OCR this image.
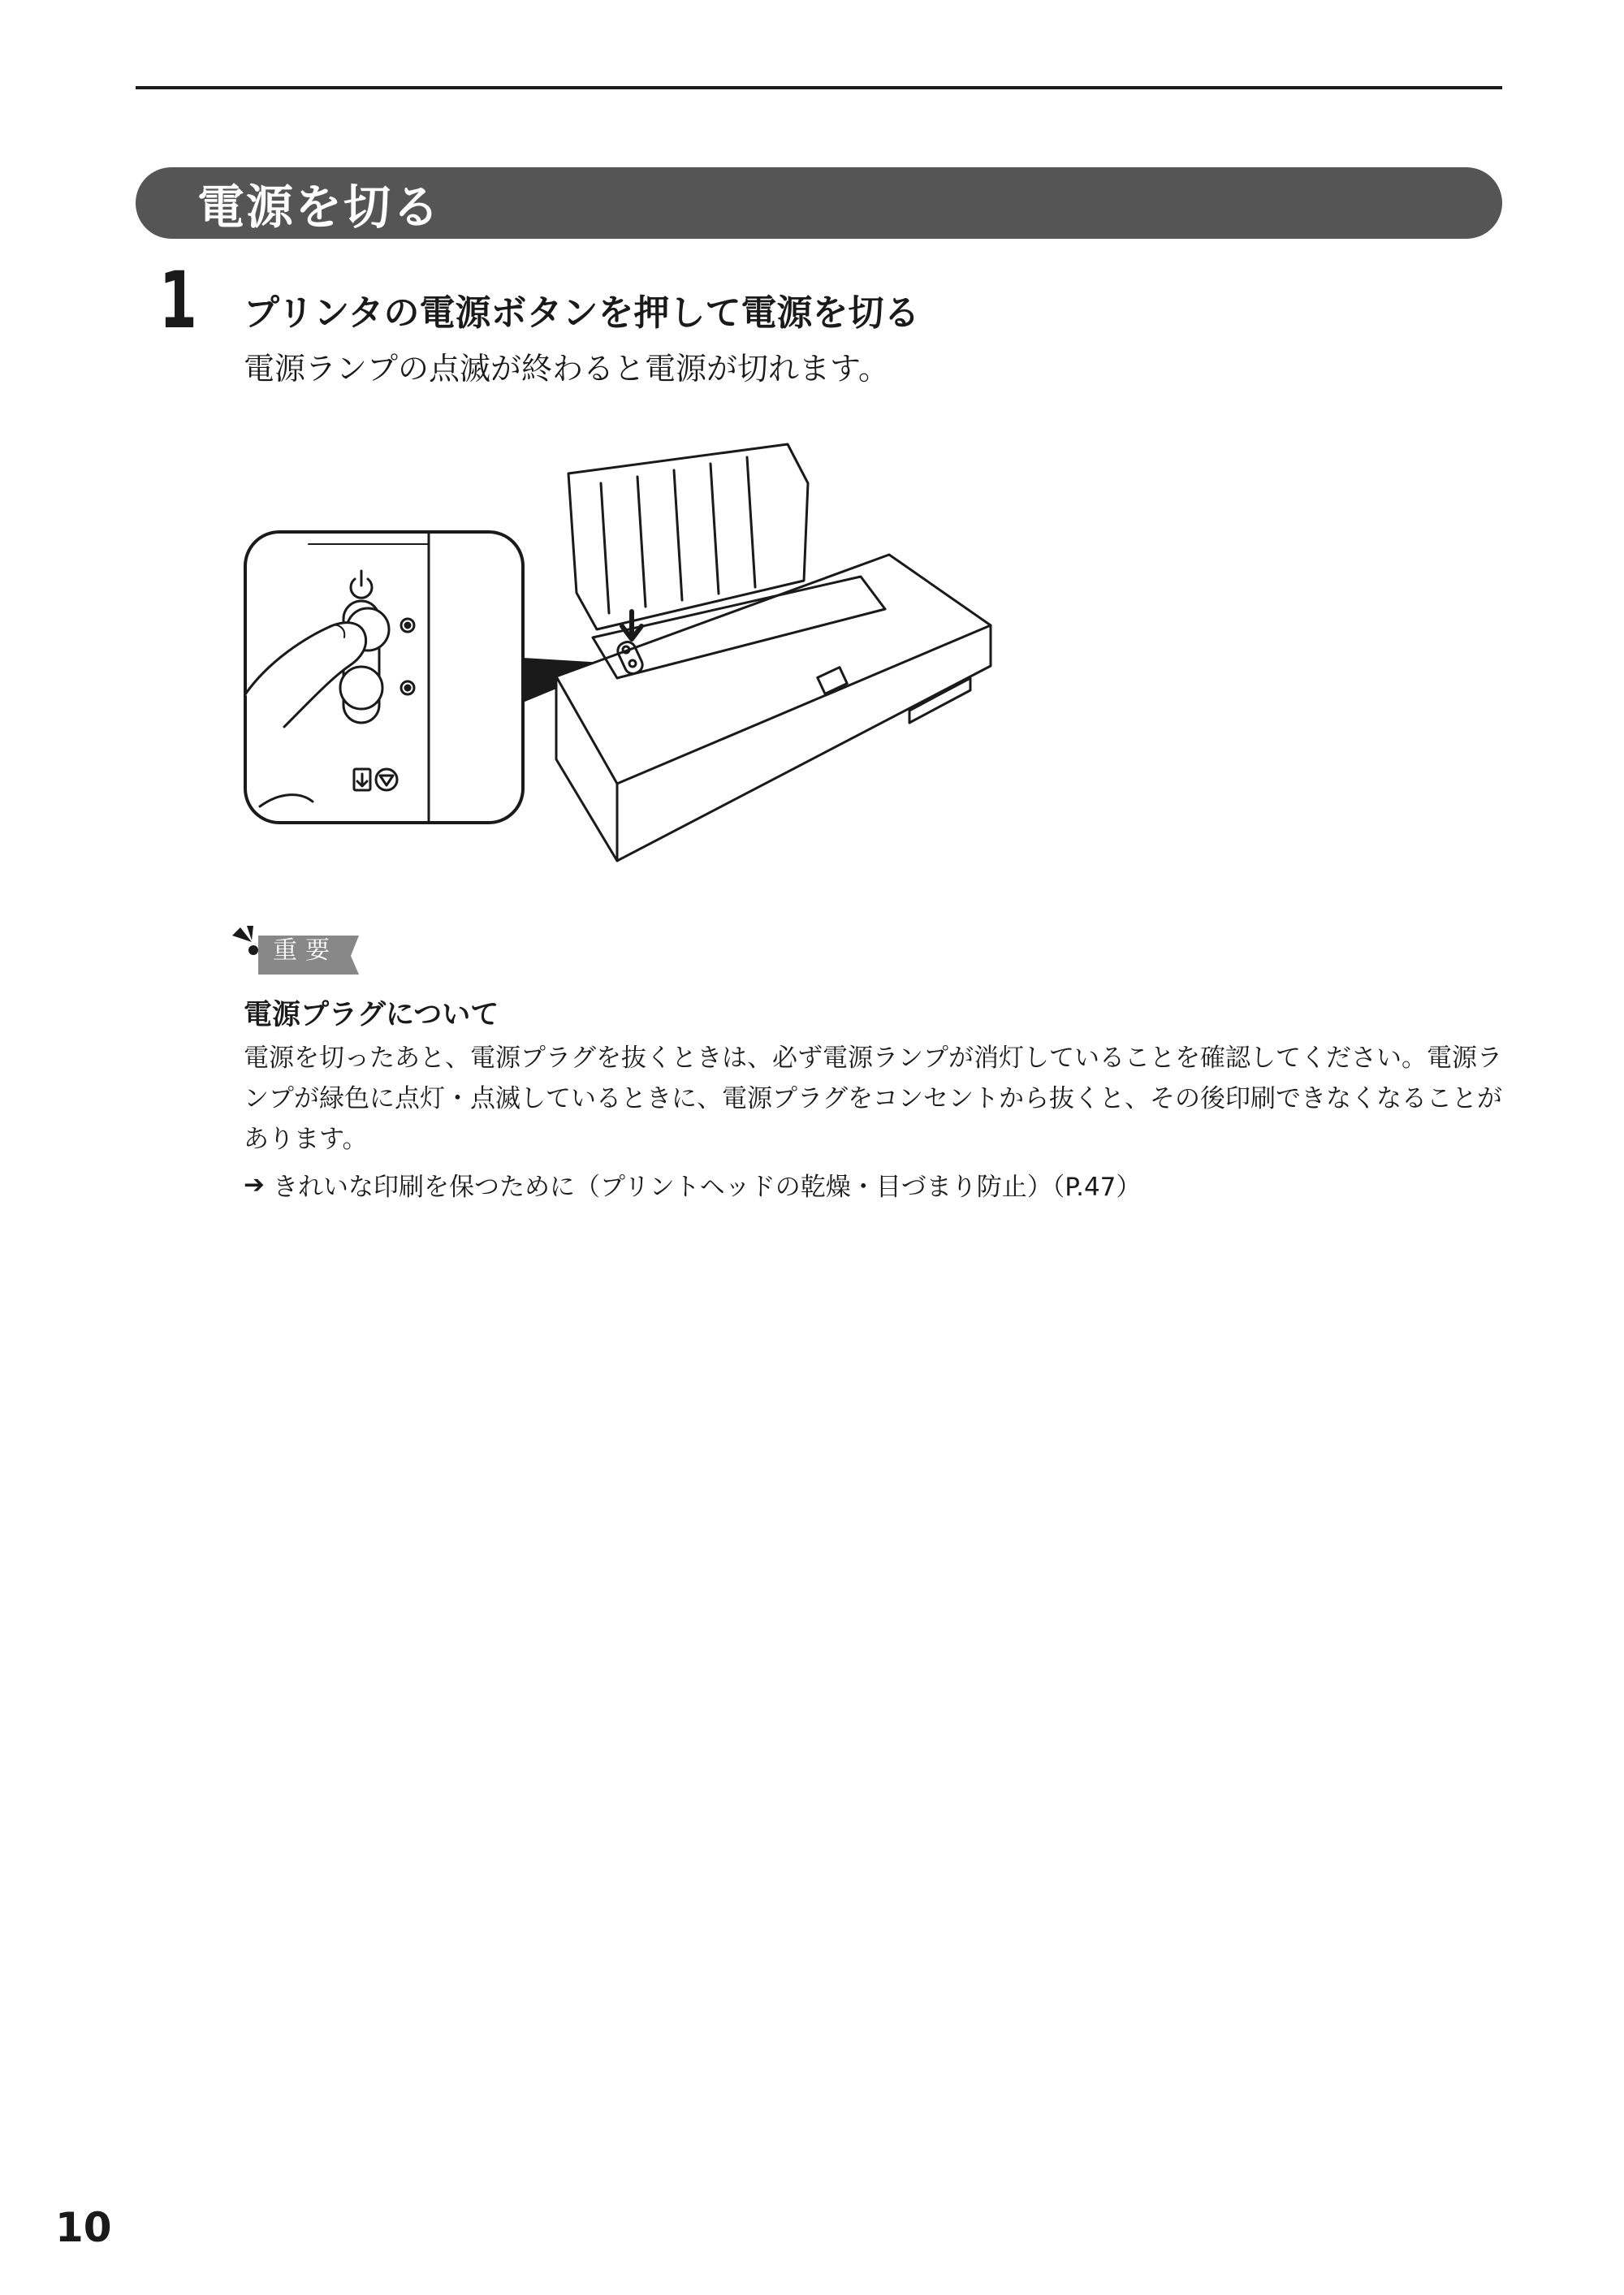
電源を切る
1 プリンタの電源ボタンを押して電源を切る
電源ランプの点滅が終わると電源が切れます。
重要
電源プラグについて
電源を切ったあと、電源プラグを抜くときは、必ず電源ランプが消灯していることを確認してください。電源ランプが緑色に点灯・点滅しているときに、電源プラグをコンセントから抜くと、その後印刷できなくなることがあります。
➔ きれいな印刷を保つために（プリントヘッドの乾燥・目づまり防止）（P.47）
10
